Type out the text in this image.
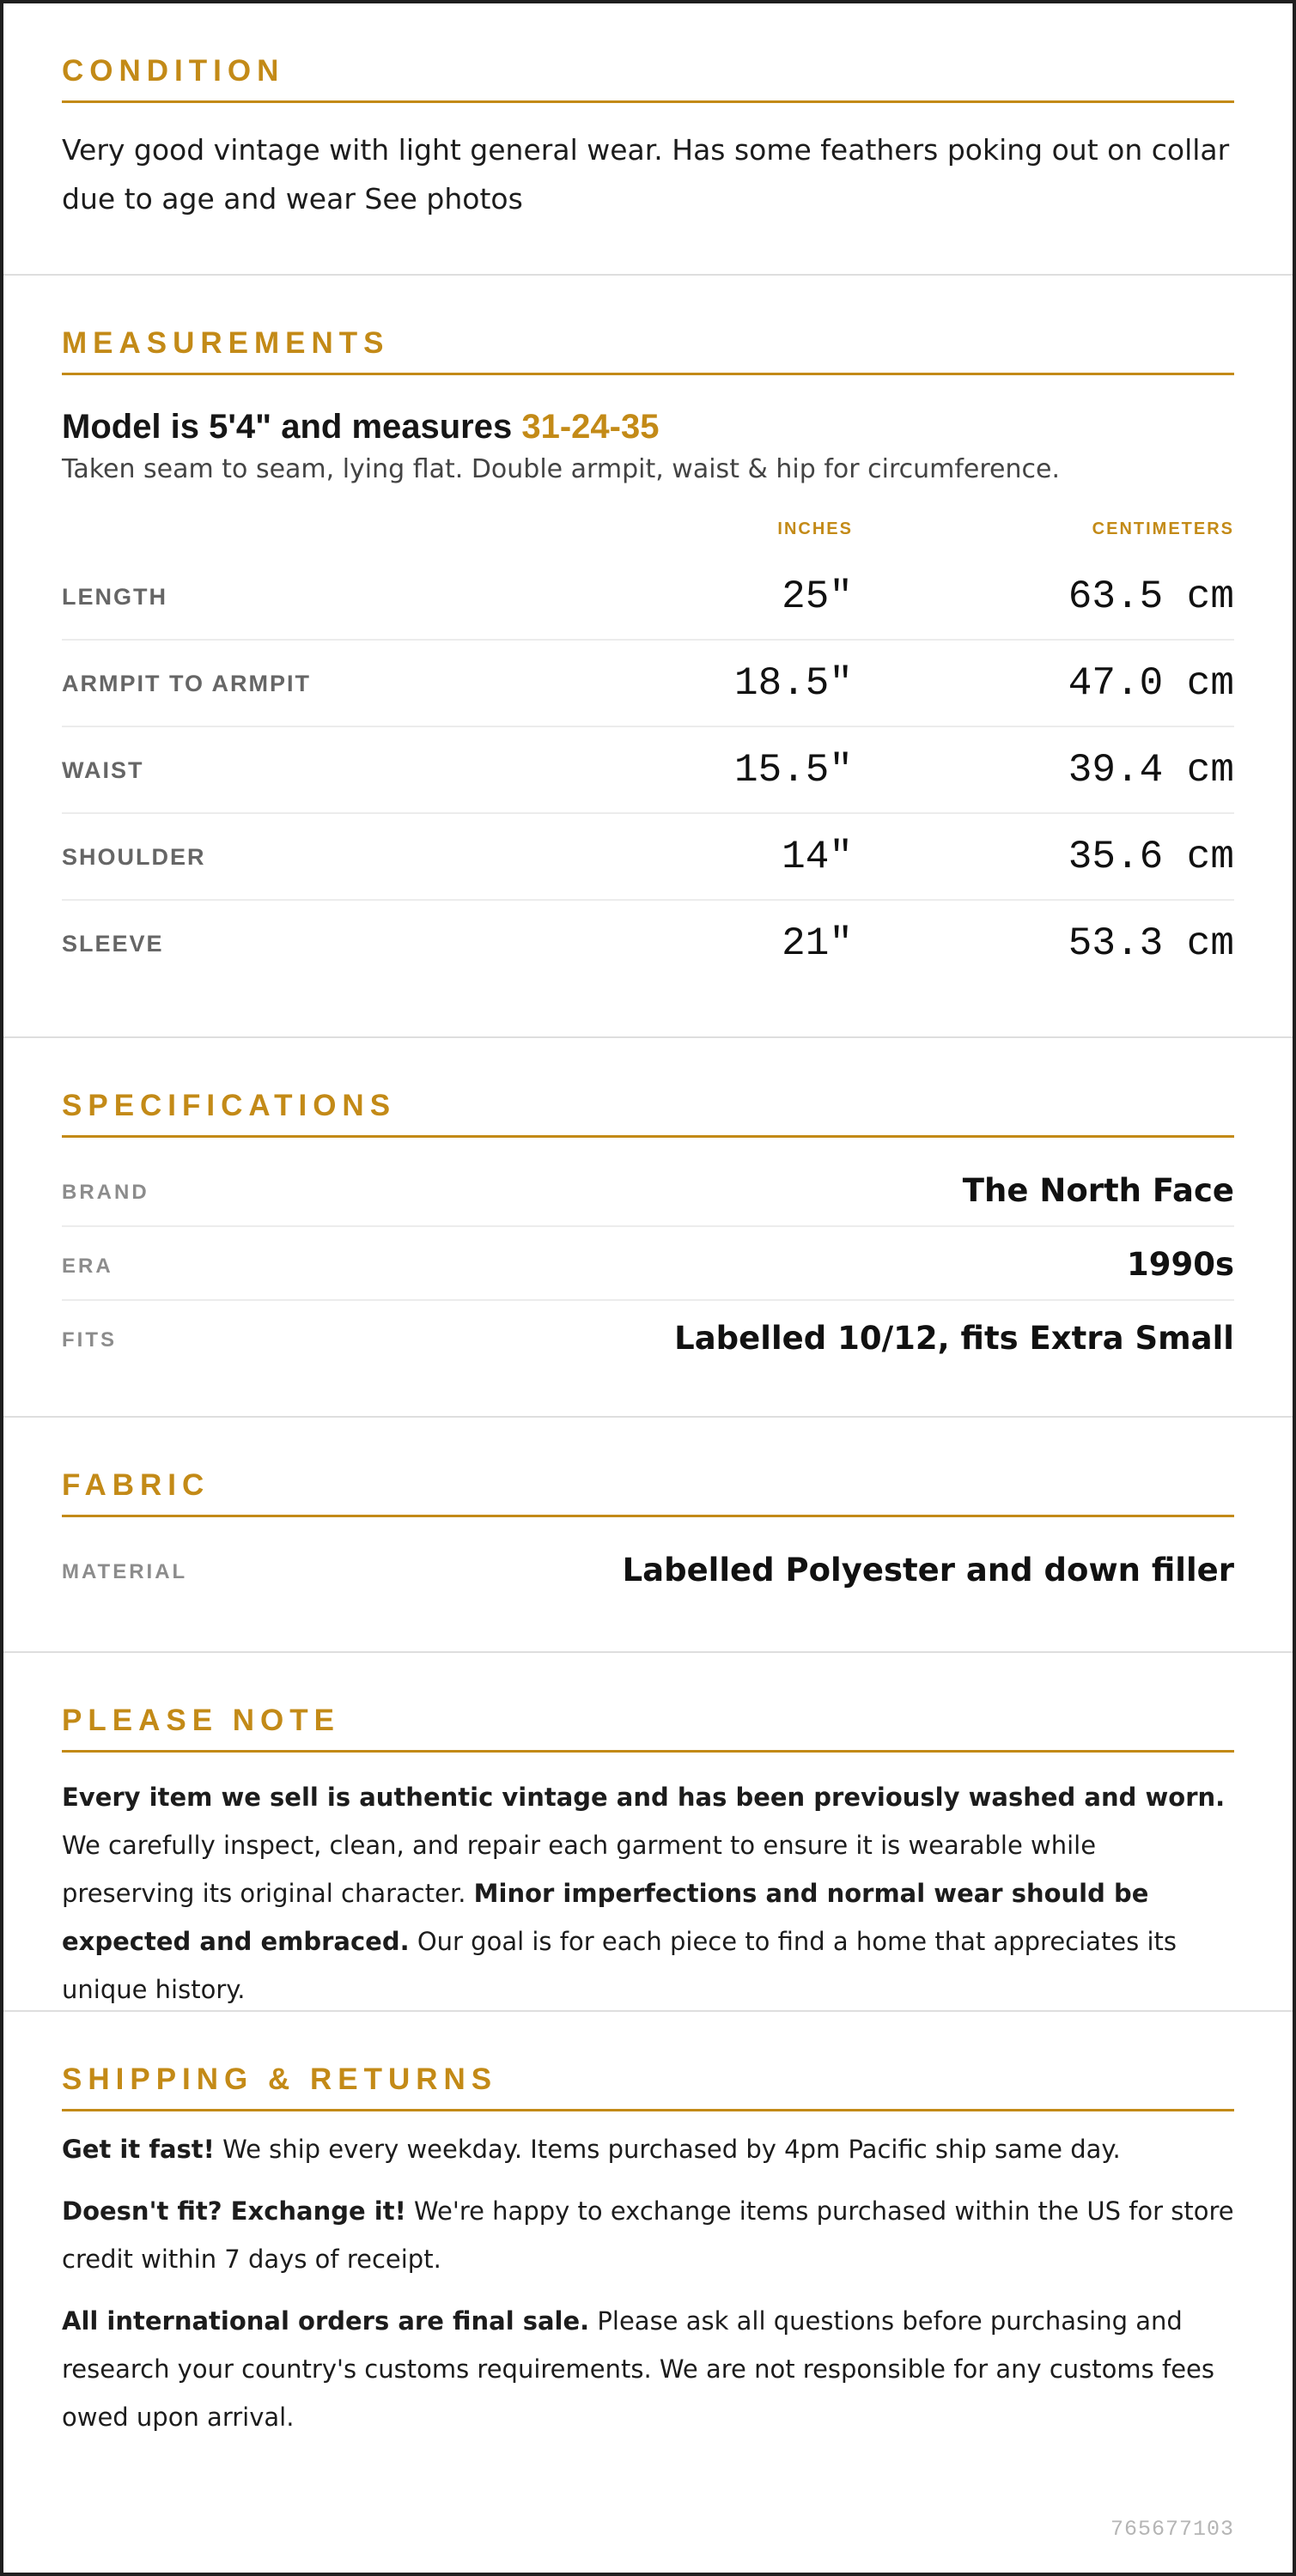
CONDITION
Very good vintage with light general wear. Has some feathers poking out on collar due to age and wear See photos
MEASUREMENTS
Model is 5'4" and measures 31-24-35
Taken seam to seam, lying flat. Double armpit, waist & hip for circumference.
INCHES	CENTIMETERS
LENGTH	25"	63.5 cm
ARMPIT TO ARMPIT	18.5"	47.0 cm
WAIST	15.5"	39.4 cm
SHOULDER	14"	35.6 cm
SLEEVE	21"	53.3 cm
SPECIFICATIONS
BRAND	The North Face
ERA	1990s
FITS	Labelled 10/12, fits Extra Small
FABRIC
MATERIAL	Labelled Polyester and down filler
PLEASE NOTE
Every item we sell is authentic vintage and has been previously washed and worn. We carefully inspect, clean, and repair each garment to ensure it is wearable while preserving its original character. Minor imperfections and normal wear should be expected and embraced. Our goal is for each piece to find a home that appreciates its unique history.
SHIPPING & RETURNS

Get it fast! We ship every weekday. Items purchased by 4pm Pacific ship same day.

Doesn't fit? Exchange it! We're happy to exchange items purchased within the US for store credit within 7 days of receipt.

All international orders are final sale. Please ask all questions before purchasing and research your country's customs requirements. We are not responsible for any customs fees owed upon arrival.

765677103
